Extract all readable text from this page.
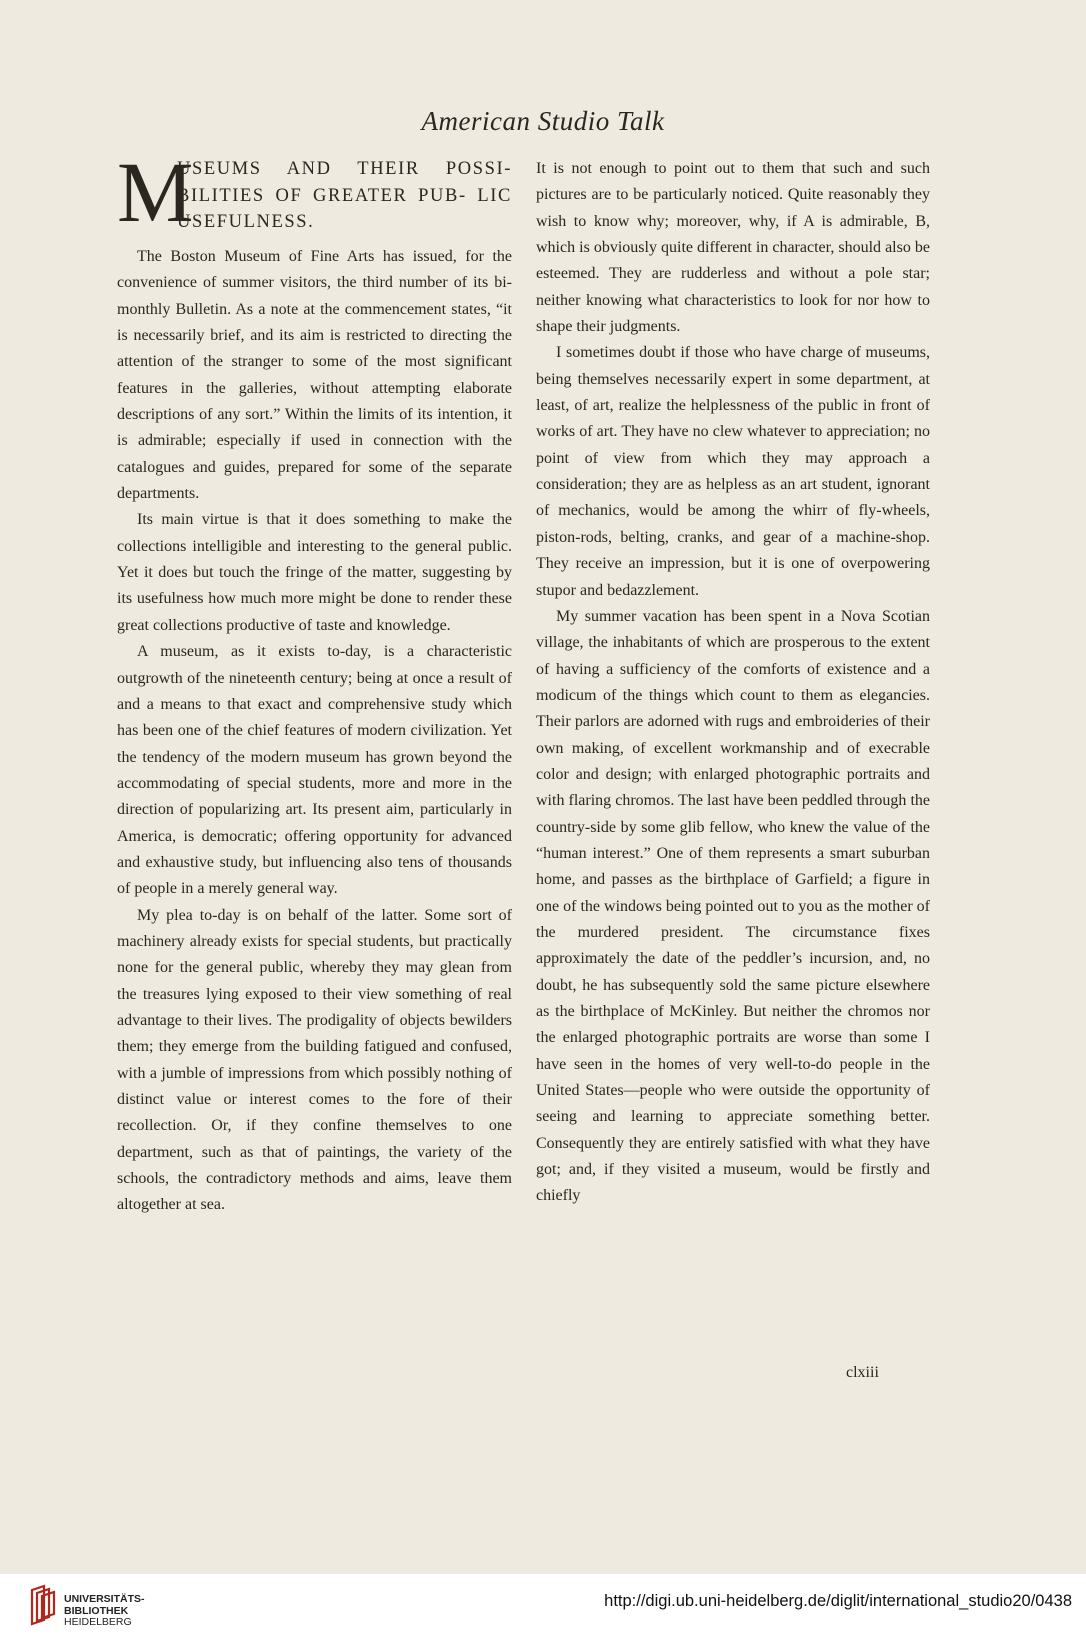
American Studio Talk
M
USEUMS AND THEIR POSSI- BILITIES OF GREATER PUB- LIC USEFULNESS.

The Boston Museum of Fine Arts has issued, for the convenience of summer visitors, the third number of its bi-monthly Bulletin. As a note at the commencement states, “it is necessarily brief, and its aim is restricted to directing the attention of the stranger to some of the most significant features in the galleries, without attempting elaborate descriptions of any sort.” Within the limits of its intention, it is admirable; especially if used in connection with the catalogues and guides, prepared for some of the separate departments.

Its main virtue is that it does something to make the collections intelligible and interesting to the general public. Yet it does but touch the fringe of the matter, suggesting by its usefulness how much more might be done to render these great collections productive of taste and knowledge.

A museum, as it exists to-day, is a characteristic outgrowth of the nineteenth century; being at once a result of and a means to that exact and comprehensive study which has been one of the chief features of modern civilization. Yet the tendency of the modern museum has grown beyond the accommodating of special students, more and more in the direction of popularizing art. Its present aim, particularly in America, is democratic; offering opportunity for advanced and exhaustive study, but influencing also tens of thousands of people in a merely general way.

My plea to-day is on behalf of the latter. Some sort of machinery already exists for special students, but practically none for the general public, whereby they may glean from the treasures lying exposed to their view something of real advantage to their lives. The prodigality of objects bewilders them; they emerge from the building fatigued and confused, with a jumble of impressions from which possibly nothing of distinct value or interest comes to the fore of their recollection. Or, if they confine themselves to one department, such as that of paintings, the variety of the schools, the contradictory methods and aims, leave them altogether at sea.

It is not enough to point out to them that such and such pictures are to be particularly noticed. Quite reasonably they wish to know why; moreover, why, if A is admirable, B, which is obviously quite different in character, should also be esteemed. They are rudderless and without a pole star; neither knowing what characteristics to look for nor how to shape their judgments.

I sometimes doubt if those who have charge of museums, being themselves necessarily expert in some department, at least, of art, realize the helplessness of the public in front of works of art. They have no clew whatever to appreciation; no point of view from which they may approach a consideration; they are as helpless as an art student, ignorant of mechanics, would be among the whirr of fly-wheels, piston-rods, belting, cranks, and gear of a machine-shop. They receive an impression, but it is one of overpowering stupor and bedazzlement.

My summer vacation has been spent in a Nova Scotian village, the inhabitants of which are prosperous to the extent of having a sufficiency of the comforts of existence and a modicum of the things which count to them as elegancies. Their parlors are adorned with rugs and embroideries of their own making, of excellent workmanship and of execrable color and design; with enlarged photographic portraits and with flaring chromos. The last have been peddled through the country-side by some glib fellow, who knew the value of the “human interest.” One of them represents a smart suburban home, and passes as the birthplace of Garfield; a figure in one of the windows being pointed out to you as the mother of the murdered president. The circumstance fixes approximately the date of the peddler’s incursion, and, no doubt, he has subsequently sold the same picture elsewhere as the birthplace of McKinley. But neither the chromos nor the enlarged photographic portraits are worse than some I have seen in the homes of very well-to-do people in the United States—people who were outside the opportunity of seeing and learning to appreciate something better. Consequently they are entirely satisfied with what they have got; and, if they visited a museum, would be firstly and chiefly

clxiii
UNIVERSITÄTS-
BIBLIOTHEK
HEIDELBERG
http://digi.ub.uni-heidelberg.de/diglit/international_studio20/0438
